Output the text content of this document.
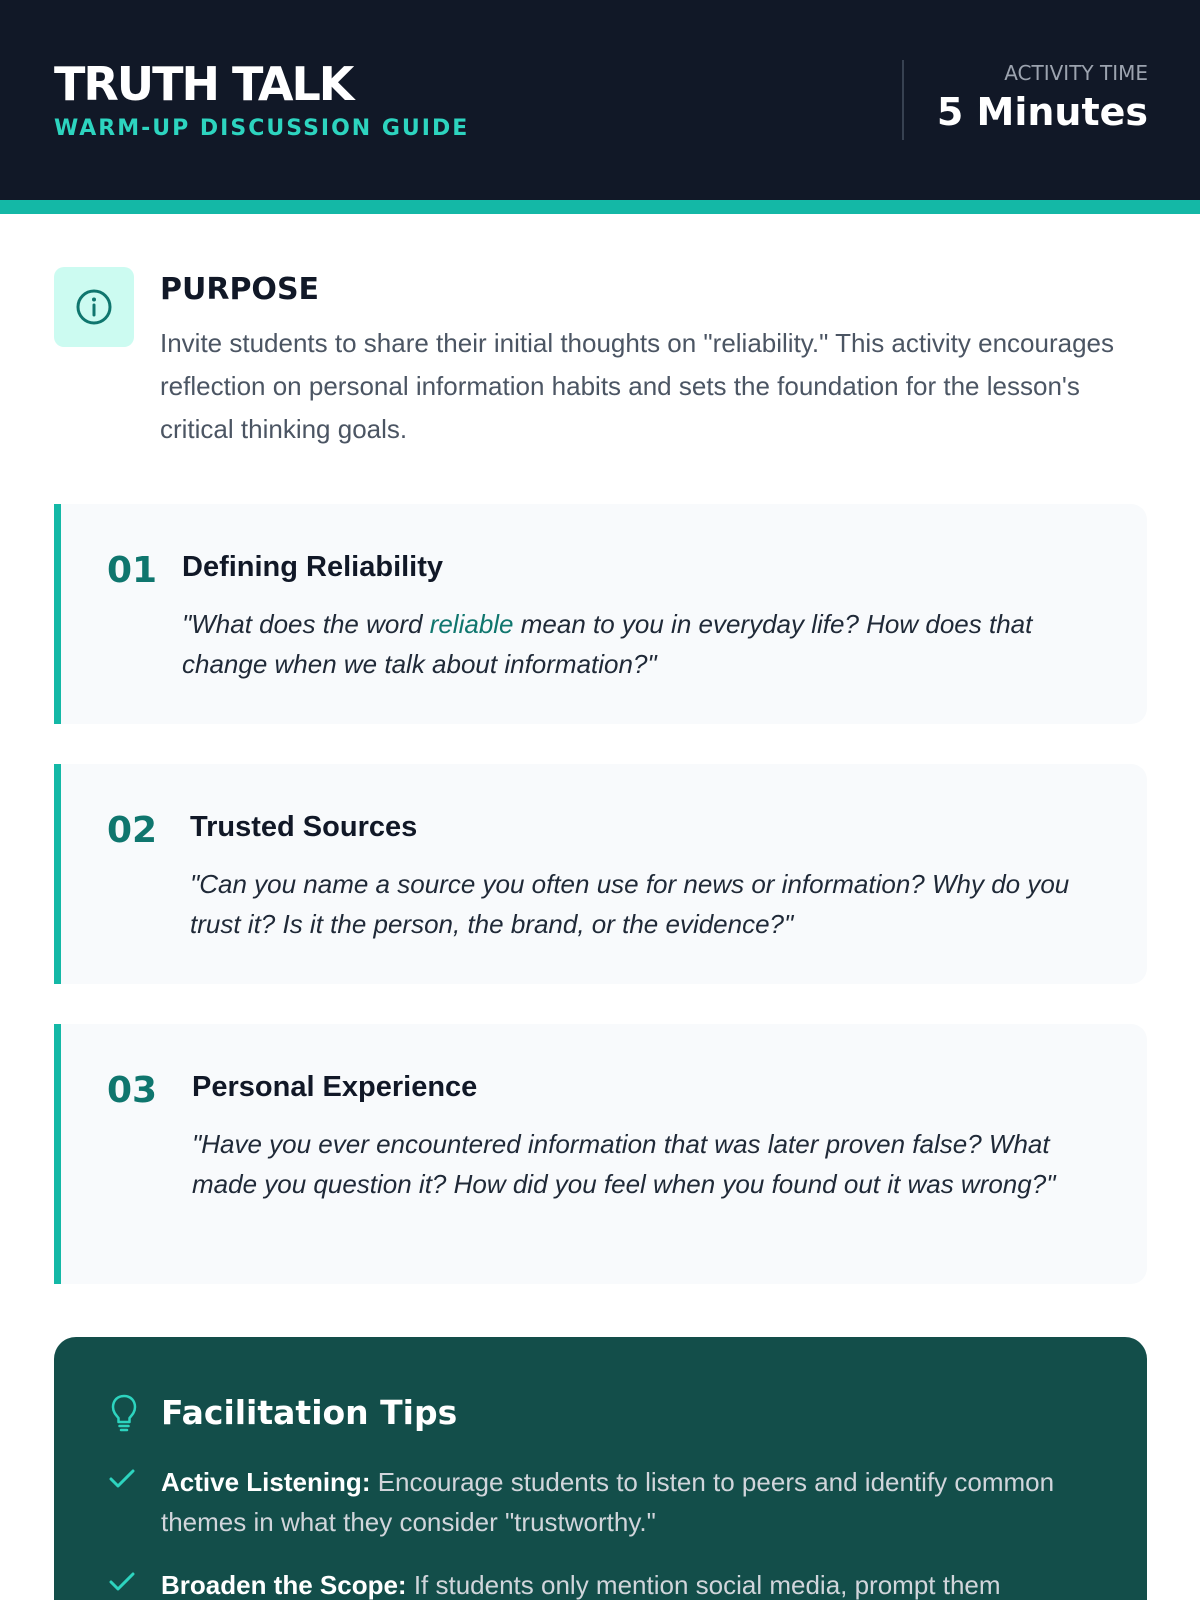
TRUTH TALK
WARM-UP DISCUSSION GUIDE
ACTIVITY TIME
5 Minutes
PURPOSE
Invite students to share their initial thoughts on "reliability." This activity encourages reflection on personal information habits and sets the foundation for the lesson's critical thinking goals.
01 Defining Reliability
"What does the word reliable mean to you in everyday life? How does that change when we talk about information?"
02 Trusted Sources
"Can you name a source you often use for news or information? Why do you trust it? Is it the person, the brand, or the evidence?"
03 Personal Experience
"Have you ever encountered information that was later proven false? What made you question it? How did you feel when you found out it was wrong?"
Facilitation Tips
Active Listening: Encourage students to listen to peers and identify common themes in what they consider "trustworthy."
Broaden the Scope: If students only mention social media, prompt them
